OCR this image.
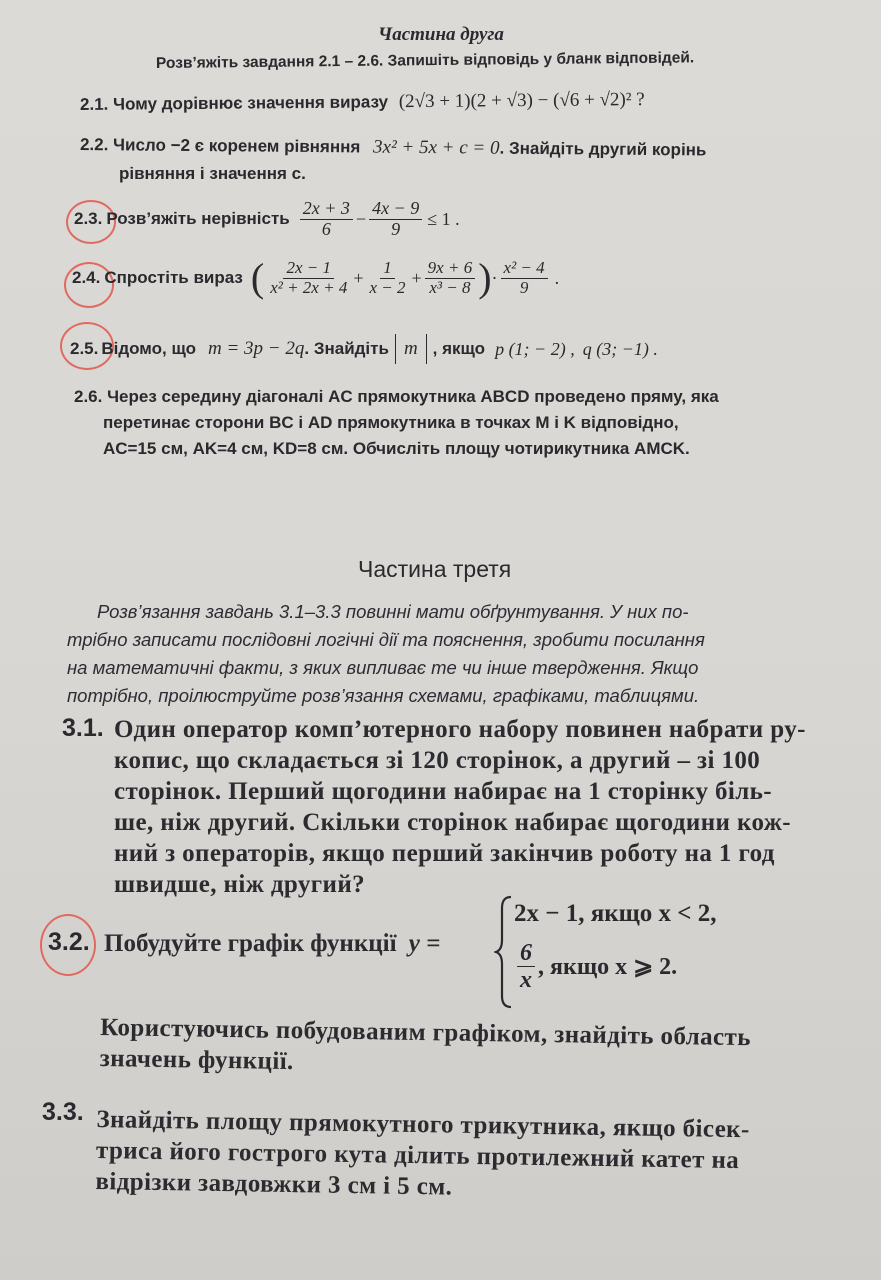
Частина друга
Розв’яжіть завдання 2.1 – 2.6. Запишіть відповідь у бланк відповідей.
2.1. Чому дорівнює значення виразу (2√3 + 1)(2 + √3) − (√6 + √2)² ?
2.2. Число −2 є коренем рівняння 3x² + 5x + c = 0. Знайдіть другий корінь
рівняння і значення c.
2.3. Розв’яжіть нерівність $\frac{2x + 3}{6} - \frac{4x - 9}{9} \le 1$ .
2.4. Спростіть вираз ( $\frac{2x - 1}{\text{x² + 2x + 4}} + \frac{1}{x - 2} + \frac{9x + 6}{\text{x³ − 8}}$ ) · $\frac{\text{x² − 4}}{9}$ .
2.5. Відомо, що m = 3p − 2q . Знайдіть m , якщо p (1; − 2) , q (3; −1) .
2.6. Через середину діагоналі AC прямокутника ABCD проведено пряму, яка
перетинає сторони BC і AD прямокутника в точках M і K відповідно,
AC=15 см, AK=4 см, KD=8 см. Обчисліть площу чотирикутника AMCK.
Частина третя
Розв’язання завдань 3.1–3.3 повинні мати обґрунтування. У них по-
трібно записати послідовні логічні дії та пояснення, зробити посилання
на математичні факти, з яких випливає те чи інше твердження. Якщо
потрібно, проілюструйте розв’язання схемами, графіками, таблицями.
3.1. Один оператор комп’ютерного набору повинен набрати ру-
копис, що складається зі 120 сторінок, а другий – зі 100
сторінок. Перший щогодини набирає на 1 сторінку біль-
ше, ніж другий. Скільки сторінок набирає щогодини кож-
ний з операторів, якщо перший закінчив роботу на 1 год
швидше, ніж другий?
3.2. Побудуйте графік функції y =
2x − 1, якщо x < 2,
$\frac{6}{x}$ , якщо x ⩾ 2.
Користуючись побудованим графіком, знайдіть область
значень функції.
3.3. Знайдіть площу прямокутного трикутника, якщо бісек-
триса його гострого кута ділить протилежний катет на
відрізки завдовжки 3 см і 5 см.
